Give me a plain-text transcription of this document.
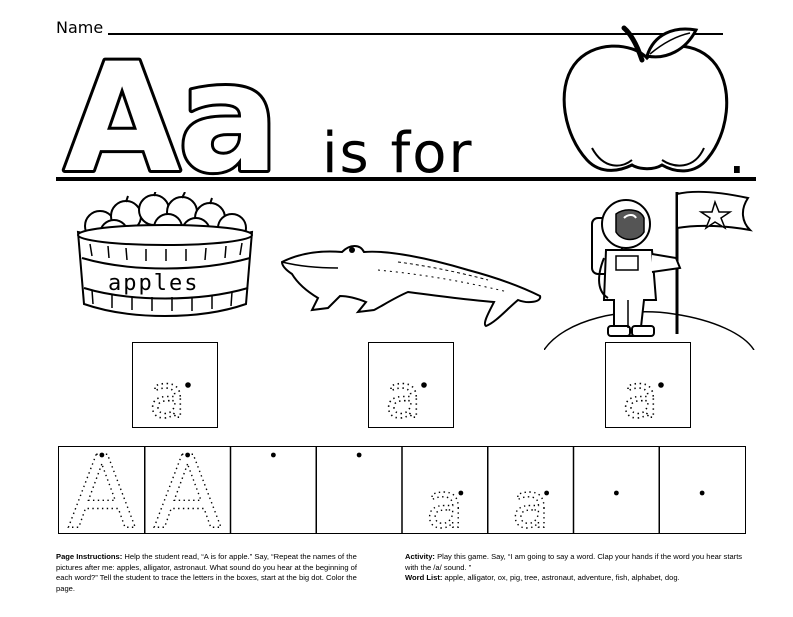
Name
A
a is for	.
apples
a	a	a
A A	a a
Page Instructions: Help the student read, “A is for apple.” Say, “Repeat the names of the pictures after me: apples, alligator, astronaut. What sound do you hear at the beginning of each word?” Tell the student to trace the letters in the boxes, start at the big dot. Color the page.
Activity: Play this game. Say, “I am going to say a word. Clap your hands if the word you hear starts with the /a/ sound. ”
Word List: apple, alligator, ox, pig, tree, astronaut, adventure, fish, alphabet, dog.
